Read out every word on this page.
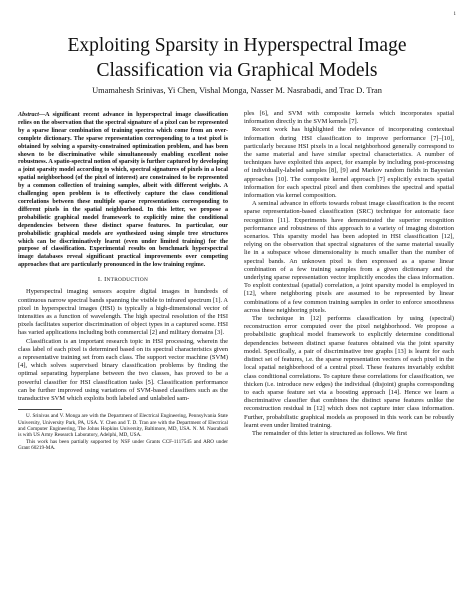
1
Exploiting Sparsity in Hyperspectral Image
Classification via Graphical Models
Umamahesh Srinivas, Yi Chen, Vishal Monga, Nasser M. Nasrabadi, and Trac D. Tran

Abstract—A significant recent advance in hyperspectral image classification relies on the observation that the spectral signature of a pixel can be represented by a sparse linear combination of training spectra which come from an over-complete dictionary. The sparse representation corresponding to a test pixel is obtained by solving a sparsity-constrained optimization problem, and has been shown to be discriminative while simultaneously enabling excellent noise robustness. A spatio-spectral notion of sparsity is further captured by developing a joint sparsity model according to which, spectral signatures of pixels in a local spatial neighborhood (of the pixel of interest) are constrained to be represented by a common collection of training samples, albeit with different weights. A challenging open problem is to effectively capture the class conditional correlations between these multiple sparse representations corresponding to different pixels in the spatial neighborhood. In this letter, we propose a probabilistic graphical model framework to explicitly mine the conditional dependencies between these distinct sparse features. In particular, our probabilistic graphical models are synthesized using simple tree structures which can be discriminatively learnt (even under limited training) for the purpose of classification. Experimental results on benchmark hyperspectral image databases reveal significant practical improvements over competing approaches that are particularly pronounced in the low training regime.

I. INTRODUCTION

Hyperspectral imaging sensors acquire digital images in hundreds of continuous narrow spectral bands spanning the visible to infrared spectrum [1]. A pixel in hyperspectral images (HSI) is typically a high-dimensional vector of intensities as a function of wavelength. The high spectral resolution of the HSI pixels facilitates superior discrimination of object types in a captured scene. HSI has varied applications including both commercial [2] and military domains [3].

Classification is an important research topic in HSI processing, wherein the class label of each pixel is determined based on its spectral characteristics given a representative training set from each class. The support vector machine (SVM) [4], which solves supervised binary classification problems by finding the optimal separating hyperplane between the two classes, has proved to be a powerful classifier for HSI classification tasks [5]. Classification performance can be further improved using variations of SVM-based classifiers such as the transductive SVM which exploits both labeled and unlabeled sam-

U. Srinivas and V. Monga are with the Department of Electrical Engineering, Pennsylvania State University, University Park, PA, USA. Y. Chen and T. D. Tran are with the Department of Electrical and Computer Engineering, The Johns Hopkins University, Baltimore, MD, USA. N. M. Nasrabadi is with US Army Research Laboratory, Adelphi, MD, USA.

This work has been partially supported by NSF under Grants CCF-1117545 and ARO under Grant 60219-MA.

ples [6], and SVM with composite kernels which incorporates spatial information directly in the SVM kernels [7].

Recent work has highlighted the relevance of incorporating contextual information during HSI classification to improve performance [7]–[10], particularly because HSI pixels in a local neighborhood generally correspond to the same material and have similar spectral characteristics. A number of techniques have exploited this aspect, for example by including post-processing of individually-labeled samples [8], [9] and Markov random fields in Bayesian approaches [10]. The composite kernel approach [7] explicitly extracts spatial information for each spectral pixel and then combines the spectral and spatial information via kernel composition.

A seminal advance in efforts towards robust image classification is the recent sparse representation-based classification (SRC) technique for automatic face recognition [11]. Experiments have demonstrated the superior recognition performance and robustness of this approach to a variety of imaging distortion scenarios. This sparsity model has been adopted in HSI classification [12], relying on the observation that spectral signatures of the same material usually lie in a subspace whose dimensionality is much smaller than the number of spectral bands. An unknown pixel is then expressed as a sparse linear combination of a few training samples from a given dictionary and the underlying sparse representation vector implicitly encodes the class information. To exploit contextual (spatial) correlation, a joint sparsity model is employed in [12], where neighboring pixels are assumed to be represented by linear combinations of a few common training samples in order to enforce smoothness across these neighboring pixels.

The technique in [12] performs classification by using (spectral) reconstruction error computed over the pixel neighborhood. We propose a probabilistic graphical model framework to explicitly determine conditional dependencies between distinct sparse features obtained via the joint sparsity model. Specifically, a pair of discriminative tree graphs [13] is learnt for each distinct set of features, i.e. the sparse representation vectors of each pixel in the local spatial neighborhood of a central pixel. These features invariably exhibit class conditional correlations. To capture these correlations for classification, we thicken (i.e. introduce new edges) the individual (disjoint) graphs corresponding to each sparse feature set via a boosting approach [14]. Hence we learn a discriminative classifier that combines the distinct sparse features unlike the reconstruction residual in [12] which does not capture inter class information. Further, probabilistic graphical models as proposed in this work can be robustly learnt even under limited training.

The remainder of this letter is structured as follows. We first
